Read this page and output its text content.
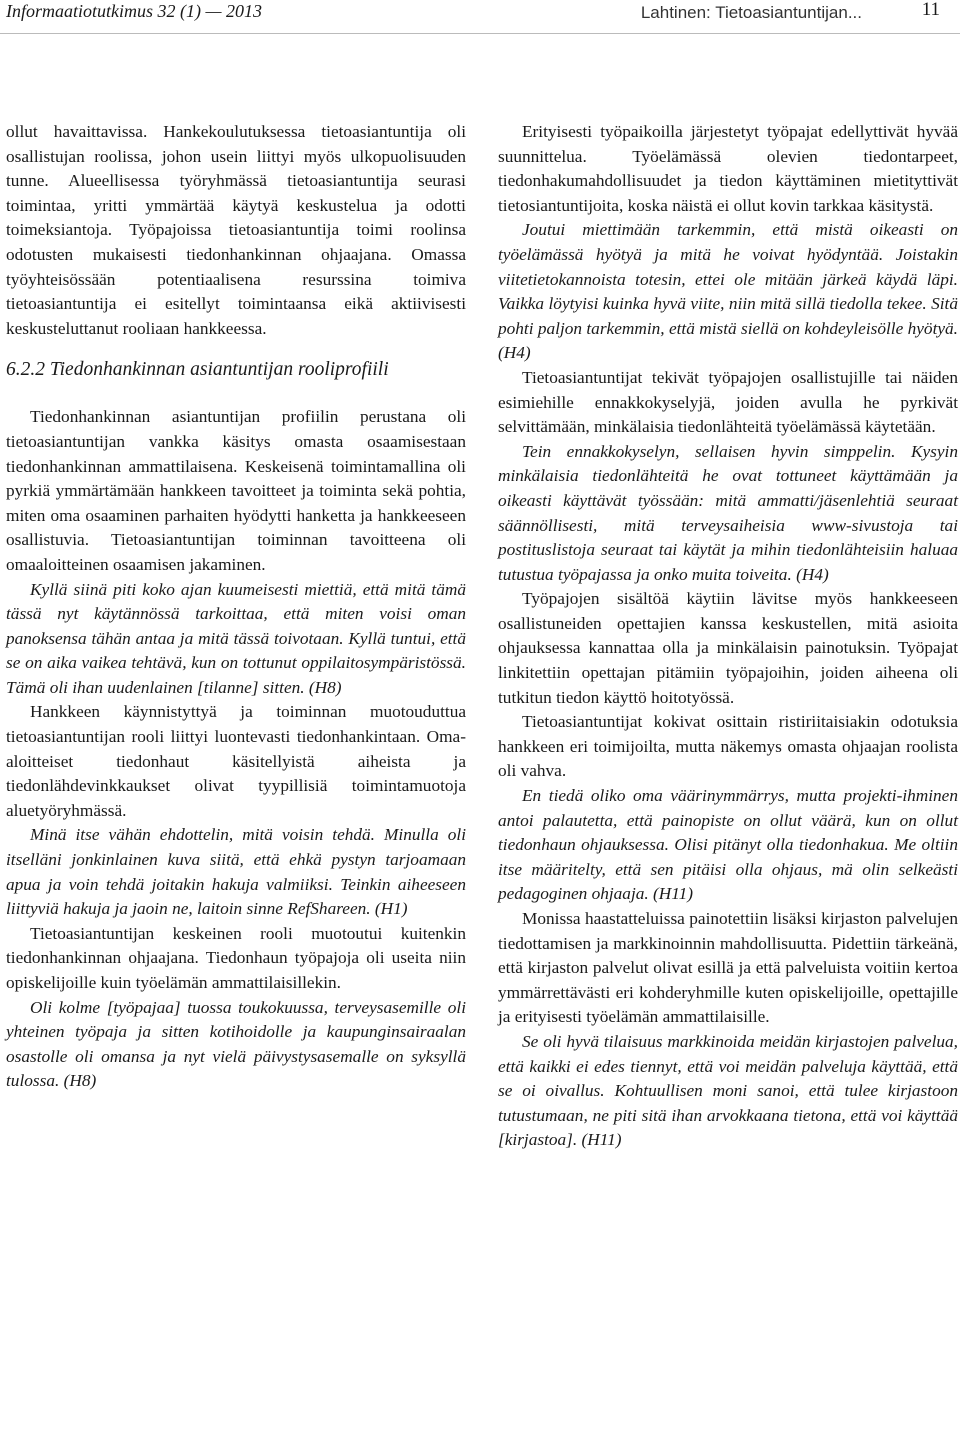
Informaatiotutkimus 32 (1) — 2013	Lahtinen: Tietoasiantuntijan...	11

ollut havaittavissa. Hankekoulutuksessa tietoasiantuntija oli osallistujan roolissa, johon usein liittyi myös ulkopuolisuuden tunne. Alueellisessa työryhmässä tietoasiantuntija seurasi toimintaa, yritti ymmärtää käytyä keskustelua ja odotti toimeksiantoja. Työpajoissa tietoasiantuntija toimi roolinsa odotusten mukaisesti tiedonhankinnan ohjaajana. Omassa työyhteisössään potentiaalisena resurssina toimiva tietoasiantuntija ei esitellyt toimintaansa eikä aktiivisesti keskusteluttanut rooliaan hankkeessa.

6.2.2 Tiedonhankinnan asiantuntijan rooliprofiili

Tiedonhankinnan asiantuntijan profiilin perustana oli tietoasiantuntijan vankka käsitys omasta osaamisestaan tiedonhankinnan ammattilaisena. Keskeisenä toimintamallina oli pyrkiä ymmärtämään hankkeen tavoitteet ja toiminta sekä pohtia, miten oma osaaminen parhaiten hyödytti hanketta ja hankkeeseen osallistuvia. Tietoasiantuntijan toiminnan tavoitteena oli omaaloitteinen osaamisen jakaminen.

Kyllä siinä piti koko ajan kuumeisesti miettiä, että mitä tämä tässä nyt käytännössä tarkoittaa, että miten voisi oman panoksensa tähän antaa ja mitä tässä toivotaan. Kyllä tuntui, että se on aika vaikea tehtävä, kun on tottunut oppilaitosympäristössä. Tämä oli ihan uudenlainen [tilanne] sitten. (H8)

Hankkeen käynnistyttyä ja toiminnan muotouduttua tietoasiantuntijan rooli liittyi luontevasti tiedonhankintaan. Oma-aloitteiset tiedonhaut käsitellyistä aiheista ja tiedonlähdevinkkaukset olivat tyypillisiä toimintamuotoja aluetyöryhmässä.

Minä itse vähän ehdottelin, mitä voisin tehdä. Minulla oli itselläni jonkinlainen kuva siitä, että ehkä pystyn tarjoamaan apua ja voin tehdä joitakin hakuja valmiiksi. Teinkin aiheeseen liittyviä hakuja ja jaoin ne, laitoin sinne RefShareen. (H1)

Tietoasiantuntijan keskeinen rooli muotoutui kuitenkin tiedonhankinnan ohjaajana. Tiedonhaun työpajoja oli useita niin opiskelijoille kuin työelämän ammattilaisillekin.

Oli kolme [työpajaa] tuossa toukokuussa, terveysasemille oli yhteinen työpaja ja sitten kotihoidolle ja kaupunginsairaalan osastolle oli omansa ja nyt vielä päivystysasemalle on syksyllä tulossa. (H8)

Erityisesti työpaikoilla järjestetyt työpajat edellyttivät hyvää suunnittelua. Työelämässä olevien tiedontarpeet, tiedonhakumahdollisuudet ja tiedon käyttäminen mietityttivät tietosiantuntijoita, koska näistä ei ollut kovin tarkkaa käsitystä.

Joutui miettimään tarkemmin, että mistä oikeasti on työelämässä hyötyä ja mitä he voivat hyödyntää. Joistakin viitetietokannoista totesin, ettei ole mitään järkeä käydä läpi. Vaikka löytyisi kuinka hyvä viite, niin mitä sillä tiedolla tekee. Sitä pohti paljon tarkemmin, että mistä siellä on kohdeyleisölle hyötyä. (H4)

Tietoasiantuntijat tekivät työpajojen osallistujille tai näiden esimiehille ennakkokyselyjä, joiden avulla he pyrkivät selvittämään, minkälaisia tiedonlähteitä työelämässä käytetään.

Tein ennakkokyselyn, sellaisen hyvin simppelin. Kysyin minkälaisia tiedonlähteitä he ovat tottuneet käyttämään ja oikeasti käyttävät työssään: mitä ammatti/jäsenlehtiä seuraat säännöllisesti, mitä terveysaiheisia www-sivustoja tai postituslistoja seuraat tai käytät ja mihin tiedonlähteisiin haluaa tutustua työpajassa ja onko muita toiveita. (H4)

Työpajojen sisältöä käytiin lävitse myös hankkeeseen osallistuneiden opettajien kanssa keskustellen, mitä asioita ohjauksessa kannattaa olla ja minkälaisin painotuksin. Työpajat linkitettiin opettajan pitämiin työpajoihin, joiden aiheena oli tutkitun tiedon käyttö hoitotyössä.

Tietoasiantuntijat kokivat osittain ristiriitaisiakin odotuksia hankkeen eri toimijoilta, mutta näkemys omasta ohjaajan roolista oli vahva.

En tiedä oliko oma väärinymmärrys, mutta projekti-ihminen antoi palautetta, että painopiste on ollut väärä, kun on ollut tiedonhaun ohjauksessa. Olisi pitänyt olla tiedonhakua. Me oltiin itse määritelty, että sen pitäisi olla ohjaus, mä olin selkeästi pedagoginen ohjaaja. (H11)

Monissa haastatteluissa painotettiin lisäksi kirjaston palvelujen tiedottamisen ja markkinoinnin mahdollisuutta. Pidettiin tärkeänä, että kirjaston palvelut olivat esillä ja että palveluista voitiin kertoa ymmärrettävästi eri kohderyhmille kuten opiskelijoille, opettajille ja erityisesti työelämän ammattilaisille.

Se oli hyvä tilaisuus markkinoida meidän kirjastojen palvelua, että kaikki ei edes tiennyt, että voi meidän palveluja käyttää, että se oi oivallus. Kohtuullisen moni sanoi, että tulee kirjastoon tutustumaan, ne piti sitä ihan arvokkaana tietona, että voi käyttää [kirjastoa]. (H11)
